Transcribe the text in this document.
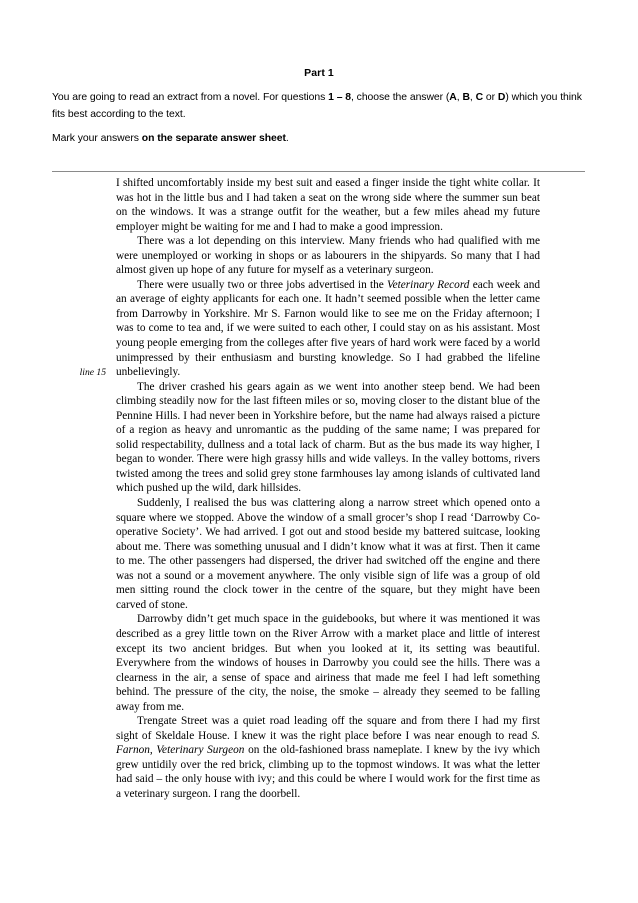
Part 1
You are going to read an extract from a novel. For questions 1 – 8, choose the answer (A, B, C or D) which you think fits best according to the text.
Mark your answers on the separate answer sheet.
line 15

I shifted uncomfortably inside my best suit and eased a finger inside the tight white collar. It was hot in the little bus and I had taken a seat on the wrong side where the summer sun beat on the windows. It was a strange outfit for the weather, but a few miles ahead my future employer might be waiting for me and I had to make a good impression.

There was a lot depending on this interview. Many friends who had qualified with me were unemployed or working in shops or as labourers in the shipyards. So many that I had almost given up hope of any future for myself as a veterinary surgeon.

There were usually two or three jobs advertised in the Veterinary Record each week and an average of eighty applicants for each one. It hadn’t seemed possible when the letter came from Darrowby in Yorkshire. Mr S. Farnon would like to see me on the Friday afternoon; I was to come to tea and, if we were suited to each other, I could stay on as his assistant. Most young people emerging from the colleges after five years of hard work were faced by a world unimpressed by their enthusiasm and bursting knowledge. So I had grabbed the lifeline unbelievingly.

The driver crashed his gears again as we went into another steep bend. We had been climbing steadily now for the last fifteen miles or so, moving closer to the distant blue of the Pennine Hills. I had never been in Yorkshire before, but the name had always raised a picture of a region as heavy and unromantic as the pudding of the same name; I was prepared for solid respectability, dullness and a total lack of charm. But as the bus made its way higher, I began to wonder. There were high grassy hills and wide valleys. In the valley bottoms, rivers twisted among the trees and solid grey stone farmhouses lay among islands of cultivated land which pushed up the wild, dark hillsides.

Suddenly, I realised the bus was clattering along a narrow street which opened onto a square where we stopped. Above the window of a small grocer’s shop I read ‘Darrowby Co-operative Society’. We had arrived. I got out and stood beside my battered suitcase, looking about me. There was something unusual and I didn’t know what it was at first. Then it came to me. The other passengers had dispersed, the driver had switched off the engine and there was not a sound or a movement anywhere. The only visible sign of life was a group of old men sitting round the clock tower in the centre of the square, but they might have been carved of stone.

Darrowby didn’t get much space in the guidebooks, but where it was mentioned it was described as a grey little town on the River Arrow with a market place and little of interest except its two ancient bridges. But when you looked at it, its setting was beautiful. Everywhere from the windows of houses in Darrowby you could see the hills. There was a clearness in the air, a sense of space and airiness that made me feel I had left something behind. The pressure of the city, the noise, the smoke – already they seemed to be falling away from me.

Trengate Street was a quiet road leading off the square and from there I had my first sight of Skeldale House. I knew it was the right place before I was near enough to read S. Farnon, Veterinary Surgeon on the old-fashioned brass nameplate. I knew by the ivy which grew untidily over the red brick, climbing up to the topmost windows. It was what the letter had said – the only house with ivy; and this could be where I would work for the first time as a veterinary surgeon. I rang the doorbell.
